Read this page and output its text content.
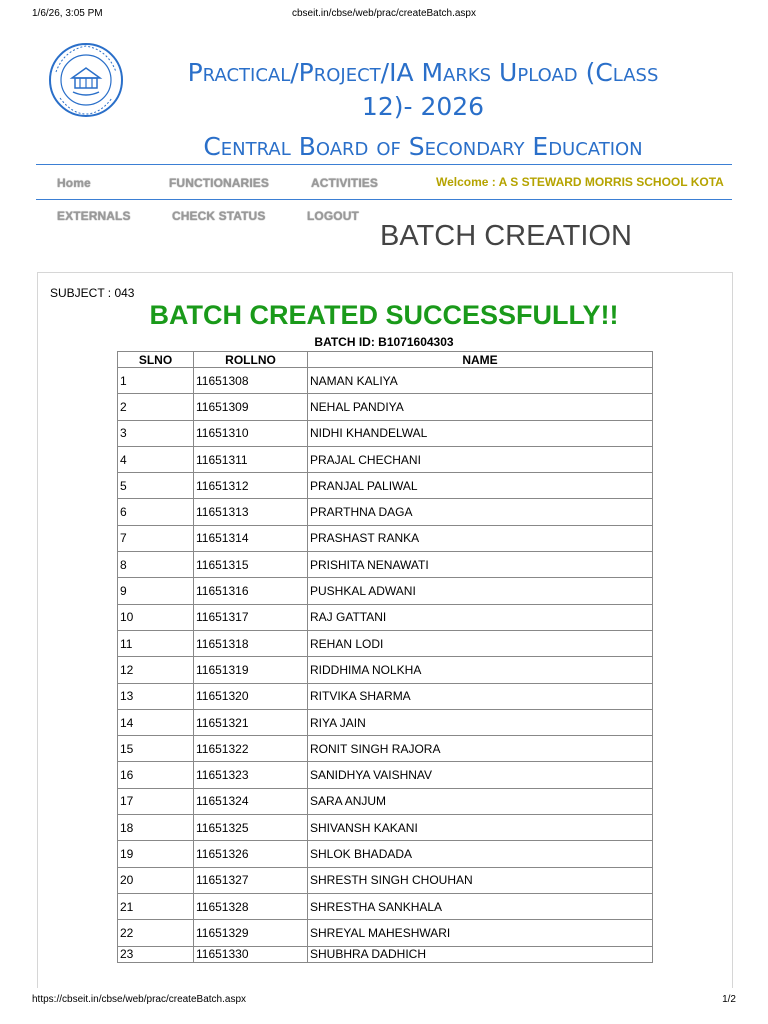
1/6/26, 3:05 PM	cbseit.in/cbse/web/prac/createBatch.aspx
Practical/Project/IA Marks Upload (Class
12)- 2026
Central Board of Secondary Education
Home	FUNCTIONARIES	ACTIVITIES	Welcome : A S STEWARD MORRIS SCHOOL KOTA
EXTERNALS	CHECK STATUS	LOGOUT
BATCH CREATION
SUBJECT : 043
BATCH CREATED SUCCESSFULLY!!
BATCH ID: B1071604303
SLNO	ROLLNO	NAME
1	11651308	NAMAN KALIYA
2	11651309	NEHAL PANDIYA
3	11651310	NIDHI KHANDELWAL
4	11651311	PRAJAL CHECHANI
5	11651312	PRANJAL PALIWAL
6	11651313	PRARTHNA DAGA
7	11651314	PRASHAST RANKA
8	11651315	PRISHITA NENAWATI
9	11651316	PUSHKAL ADWANI
10	11651317	RAJ GATTANI
11	11651318	REHAN LODI
12	11651319	RIDDHIMA NOLKHA
13	11651320	RITVIKA SHARMA
14	11651321	RIYA JAIN
15	11651322	RONIT SINGH RAJORA
16	11651323	SANIDHYA VAISHNAV
17	11651324	SARA ANJUM
18	11651325	SHIVANSH KAKANI
19	11651326	SHLOK BHADADA
20	11651327	SHRESTH SINGH CHOUHAN
21	11651328	SHRESTHA SANKHALA
22	11651329	SHREYAL MAHESHWARI
23	11651330	SHUBHRA DADHICH
https://cbseit.in/cbse/web/prac/createBatch.aspx	1/2
